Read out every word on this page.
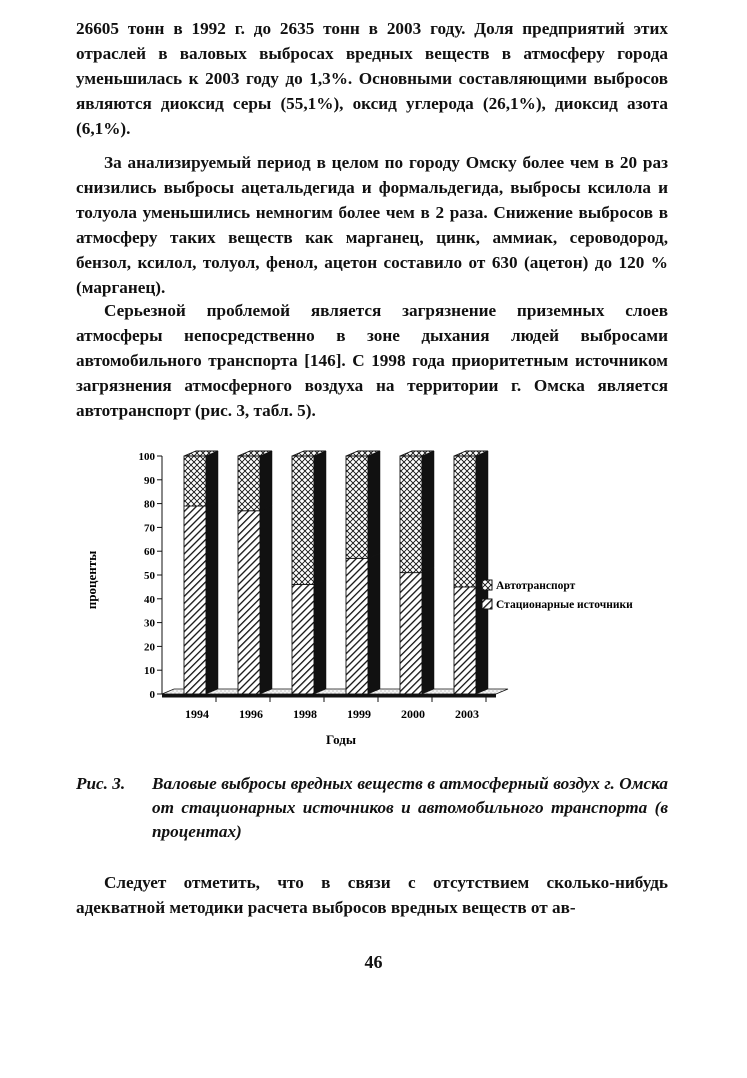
26605 тонн в 1992 г. до 2635 тонн в 2003 году. Доля предприятий этих отраслей в валовых выбросах вредных веществ в атмосферу города уменьшилась к 2003 году до 1,3%. Основными составляющими выбросов являются диоксид серы (55,1%), оксид углерода (26,1%), диоксид азота (6,1%).

За анализируемый период в целом по городу Омску более чем в 20 раз снизились выбросы ацетальдегида и формальдегида, выбросы ксилола и толуола уменьшились немногим более чем в 2 раза. Снижение выбросов в атмосферу таких веществ как марганец, цинк, аммиак, сероводород, бензол, ксилол, толуол, фенол, ацетон составило от 630 (ацетон) до 120 % (марганец).

Серьезной проблемой является загрязнение приземных слоев атмосферы непосредственно в зоне дыхания людей выбросами автомобильного транспорта [146]. С 1998 года приоритетным источником загрязнения атмосферного воздуха на территории г. Омска является автотранспорт (рис. 3, табл. 5).

0
10
20
30
40
50
60
70
80
90
100
1994	1996	1998	1999	2000	2003
проценты
Годы
Автотранспорт
Стационарные источники
Рис. 3.	Валовые выбросы вредных веществ в атмосферный воздух г. Омска от стационарных источников и автомобильного транспорта (в процентах)

Следует отметить, что в связи с отсутствием сколько-нибудь адекватной методики расчета выбросов вредных веществ от ав-

46
